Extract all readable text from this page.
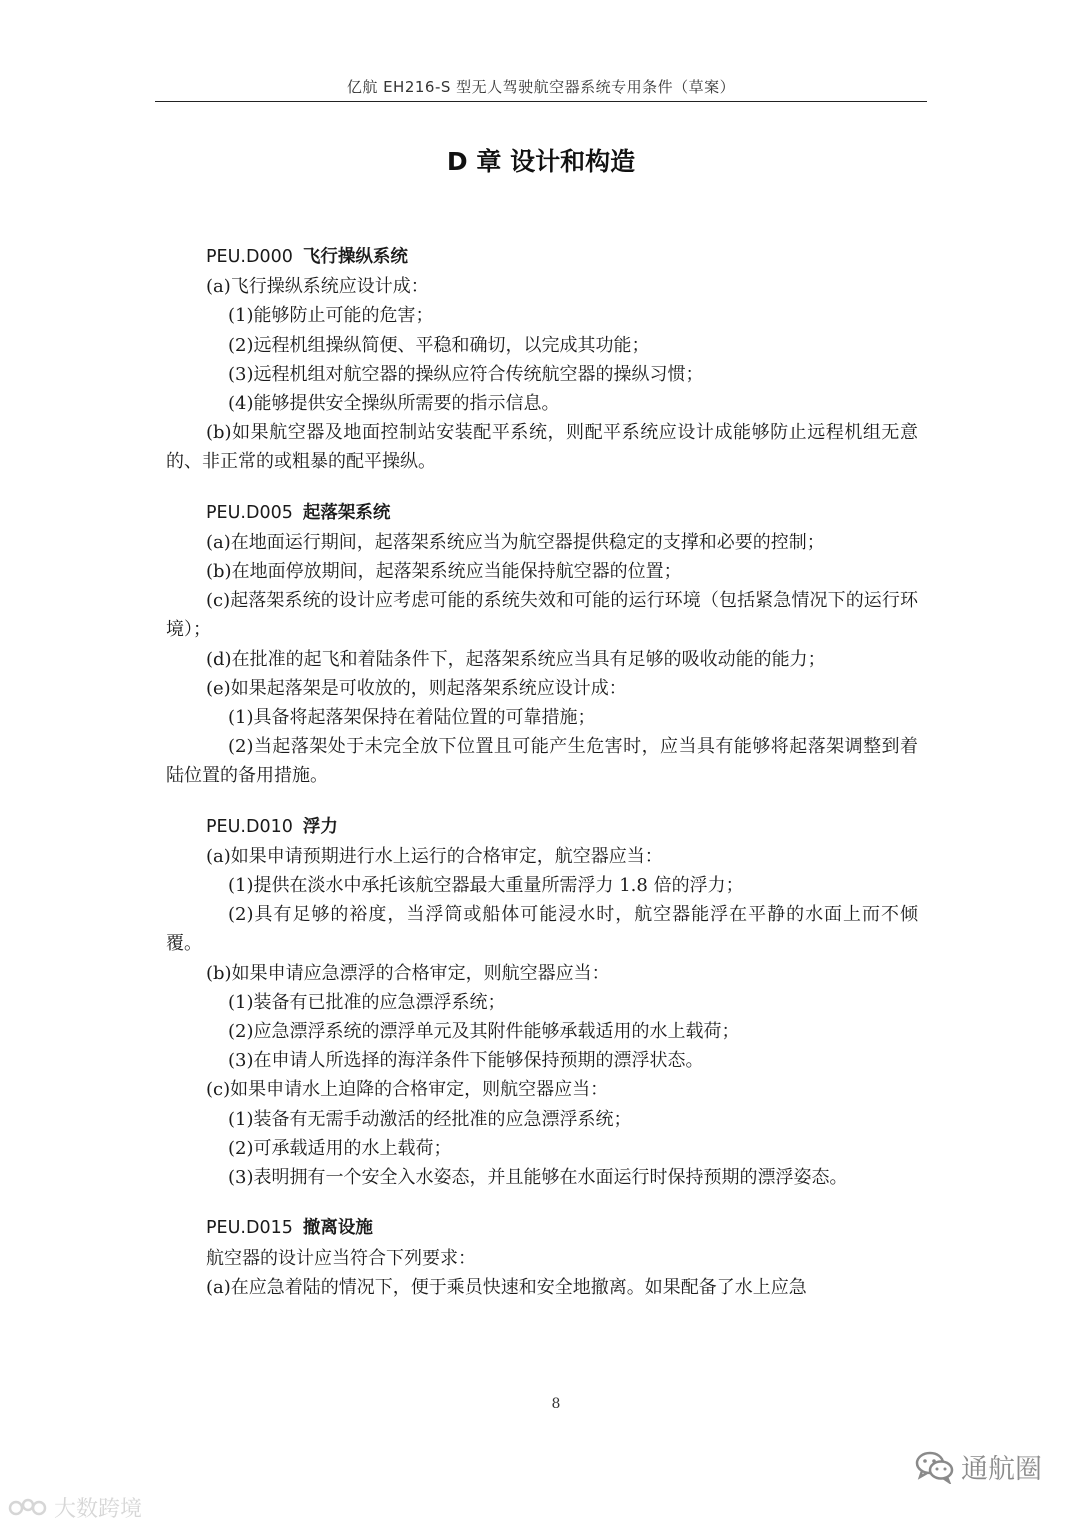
亿航 EH216-S 型无人驾驶航空器系统专用条件（草案）
D 章 设计和构造

PEU.D000 飞行操纵系统

(a)飞行操纵系统应设计成：

(1)能够防止可能的危害；

(2)远程机组操纵简便、平稳和确切，以完成其功能；

(3)远程机组对航空器的操纵应符合传统航空器的操纵习惯；

(4)能够提供安全操纵所需要的指示信息。

(b)如果航空器及地面控制站安装配平系统，则配平系统应设计成能够防止远程机组无意的、非正常的或粗暴的配平操纵。

PEU.D005 起落架系统

(a)在地面运行期间，起落架系统应当为航空器提供稳定的支撑和必要的控制；

(b)在地面停放期间，起落架系统应当能保持航空器的位置；

(c)起落架系统的设计应考虑可能的系统失效和可能的运行环境（包括紧急情况下的运行环境）；

(d)在批准的起飞和着陆条件下，起落架系统应当具有足够的吸收动能的能力；

(e)如果起落架是可收放的，则起落架系统应设计成：

(1)具备将起落架保持在着陆位置的可靠措施；

(2)当起落架处于未完全放下位置且可能产生危害时，应当具有能够将起落架调整到着陆位置的备用措施。

PEU.D010 浮力

(a)如果申请预期进行水上运行的合格审定，航空器应当：

(1)提供在淡水中承托该航空器最大重量所需浮力 1.8 倍的浮力；

(2)具有足够的裕度，当浮筒或船体可能浸水时，航空器能浮在平静的水面上而不倾覆。

(b)如果申请应急漂浮的合格审定，则航空器应当：

(1)装备有已批准的应急漂浮系统；

(2)应急漂浮系统的漂浮单元及其附件能够承载适用的水上载荷；

(3)在申请人所选择的海洋条件下能够保持预期的漂浮状态。

(c)如果申请水上迫降的合格审定，则航空器应当：

(1)装备有无需手动激活的经批准的应急漂浮系统；

(2)可承载适用的水上载荷；

(3)表明拥有一个安全入水姿态，并且能够在水面运行时保持预期的漂浮姿态。

PEU.D015 撤离设施

航空器的设计应当符合下列要求：

(a)在应急着陆的情况下，便于乘员快速和安全地撤离。如果配备了水上应急

8
大数跨境
通航圈
